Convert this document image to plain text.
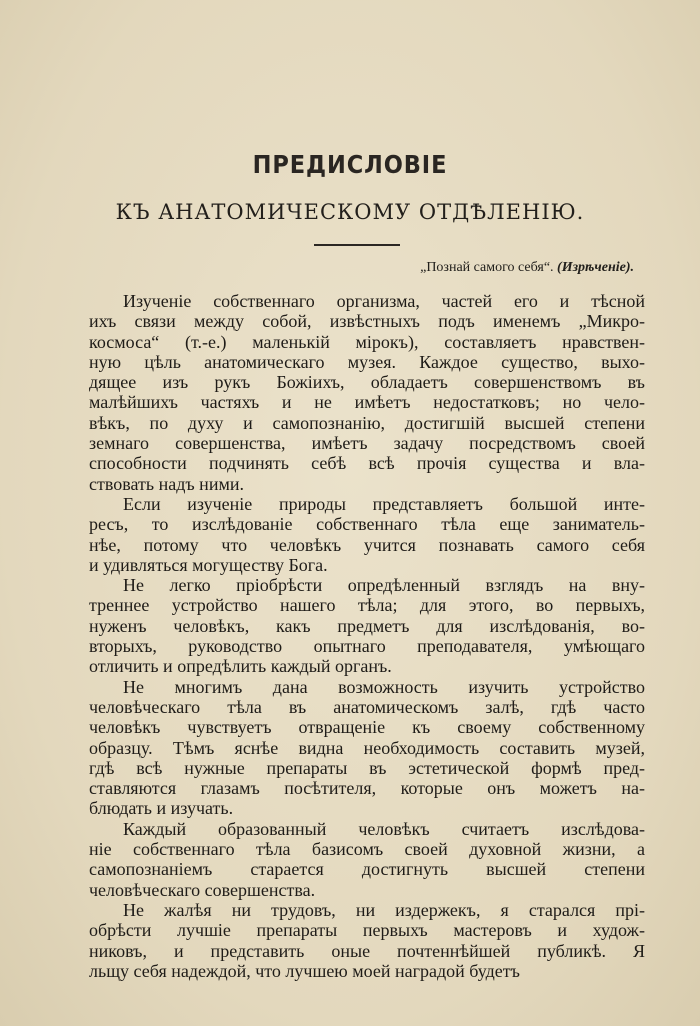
ПРЕДИСЛОВІЕ
КЪ АНАТОМИЧЕСКОМУ ОТДѢЛЕНІЮ.
„Познай самого себя“. (Изрѣченіе).
Изученіе собственнаго организма, частей его и тѣсной
ихъ связи между собой, извѣстныхъ подъ именемъ „Микро-
космоса“ (т.-е.) маленькій мірокъ), составляетъ нравствен-
ную цѣль анатомическаго музея. Каждое существо, выхо-
дящее изъ рукъ Божіихъ, обладаетъ совершенствомъ въ
малѣйшихъ частяхъ и не имѣетъ недостатковъ; но чело-
вѣкъ, по духу и самопознанію, достигшій высшей степени
земнаго совершенства, имѣетъ задачу посредствомъ своей
способности подчинять себѣ всѣ прочія существа и вла-
ствовать надъ ними.
Если изученіе природы представляетъ большой инте-
ресъ, то изслѣдованіе собственнаго тѣла еще заниматель-
нѣе, потому что человѣкъ учится познавать самого себя
и удивляться могуществу Бога.
Не легко пріобрѣсти опредѣленный взглядъ на вну-
треннее устройство нашего тѣла; для этого, во первыхъ,
нуженъ человѣкъ, какъ предметъ для изслѣдованія, во-
вторыхъ, руководство опытнаго преподавателя, умѣющаго
отличить и опредѣлить каждый органъ.
Не многимъ дана возможность изучить устройство
человѣческаго тѣла въ анатомическомъ залѣ, гдѣ часто
человѣкъ чувствуетъ отвращеніе къ своему собственному
образцу. Тѣмъ яснѣе видна необходимость составить музей,
гдѣ всѣ нужные препараты въ эстетической формѣ пред-
ставляются глазамъ посѣтителя, которые онъ можетъ на-
блюдать и изучать.
Каждый образованный человѣкъ считаетъ изслѣдова-
ніе собственнаго тѣла базисомъ своей духовной жизни, а
самопознаніемъ старается достигнуть высшей степени
человѣческаго совершенства.
Не жалѣя ни трудовъ, ни издержекъ, я старался прі-
обрѣсти лучшіе препараты первыхъ мастеровъ и худож-
никовъ, и представить оные почтеннѣйшей публикѣ. Я
льщу себя надеждой, что лучшею моей наградой будетъ
